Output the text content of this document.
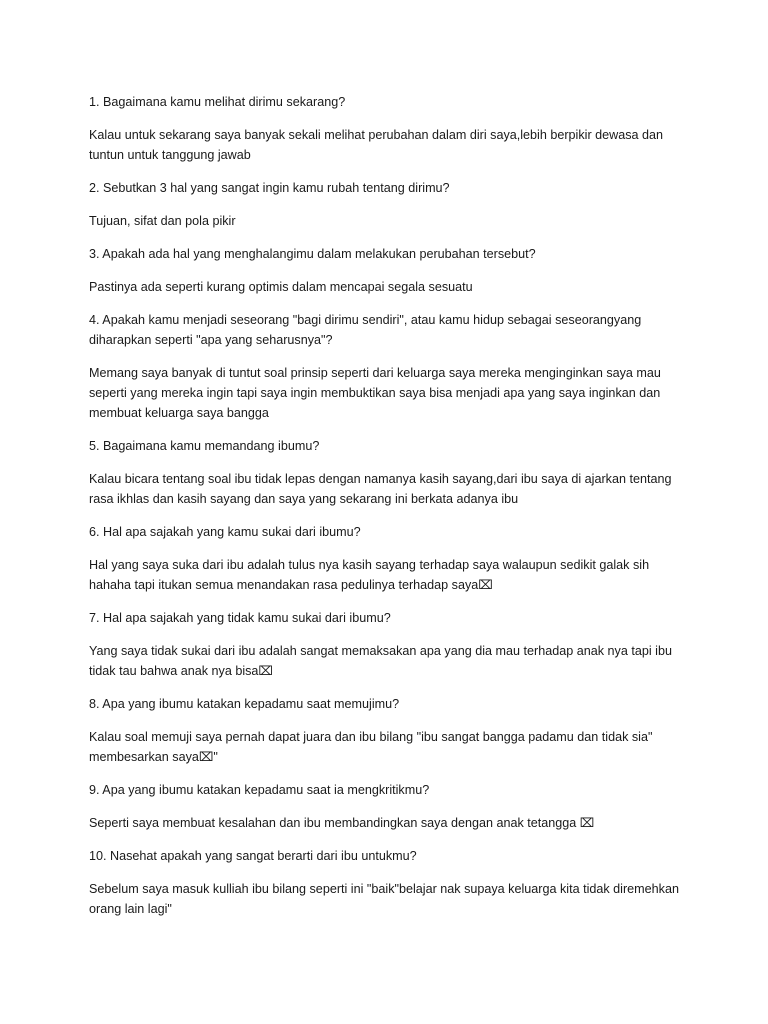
1. Bagaimana kamu melihat dirimu sekarang?

Kalau untuk sekarang saya banyak sekali melihat perubahan dalam diri saya,lebih berpikir dewasa dan tuntun untuk tanggung jawab

2. Sebutkan 3 hal yang sangat ingin kamu rubah tentang dirimu?

Tujuan, sifat dan pola pikir

3. Apakah ada hal yang menghalangimu dalam melakukan perubahan tersebut?

Pastinya ada seperti kurang optimis dalam mencapai segala sesuatu

4. Apakah kamu menjadi seseorang "bagi dirimu sendiri", atau kamu hidup sebagai seseorangyang diharapkan seperti "apa yang seharusnya"?

Memang saya banyak di tuntut soal prinsip seperti dari keluarga saya mereka menginginkan saya mau seperti yang mereka ingin tapi saya ingin membuktikan saya bisa menjadi apa yang saya inginkan dan membuat keluarga saya bangga

5. Bagaimana kamu memandang ibumu?

Kalau bicara tentang soal ibu tidak lepas dengan namanya kasih sayang,dari ibu saya di ajarkan tentang rasa ikhlas dan kasih sayang dan saya yang sekarang ini berkata adanya ibu

6. Hal apa sajakah yang kamu sukai dari ibumu?

Hal yang saya suka dari ibu adalah tulus nya kasih sayang terhadap saya walaupun sedikit galak sih hahaha tapi itukan semua menandakan rasa pedulinya terhadap saya⌧

7. Hal apa sajakah yang tidak kamu sukai dari ibumu?

Yang saya tidak sukai dari ibu adalah sangat memaksakan apa yang dia mau terhadap anak nya tapi ibu tidak tau bahwa anak nya bisa⌧

8. Apa yang ibumu katakan kepadamu saat memujimu?

Kalau soal memuji saya pernah dapat juara dan ibu bilang "ibu sangat bangga padamu dan tidak sia" membesarkan saya⌧"

9. Apa yang ibumu katakan kepadamu saat ia mengkritikmu?

Seperti saya membuat kesalahan dan ibu membandingkan saya dengan anak tetangga ⌧

10. Nasehat apakah yang sangat berarti dari ibu untukmu?

Sebelum saya masuk kulliah ibu bilang seperti ini "baik"belajar nak supaya keluarga kita tidak diremehkan orang lain lagi"
